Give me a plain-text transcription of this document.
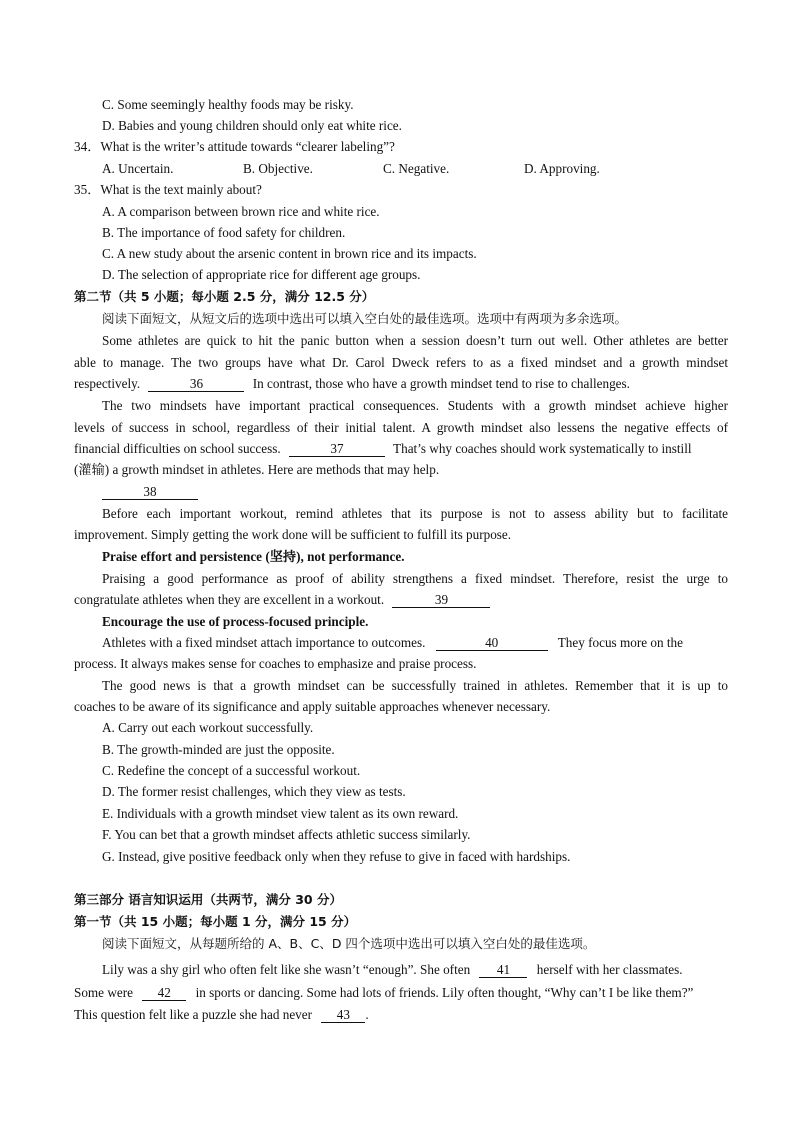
C. Some seemingly healthy foods may be risky.
D. Babies and young children should only eat white rice.
34．What is the writer’s attitude towards “clearer labeling”?
A. Uncertain.	B. Objective.	C. Negative.	D. Approving.
35．What is the text mainly about?
A. A comparison between brown rice and white rice.
B. The importance of food safety for children.
C. A new study about the arsenic content in brown rice and its impacts.
D. The selection of appropriate rice for different age groups.
第二节（共 5 小题；每小题 2.5 分，满分 12.5 分）
阅读下面短文，从短文后的选项中选出可以填入空白处的最佳选项。选项中有两项为多余选项。
Some athletes are quick to hit the panic button when a session doesn’t turn out well. Other athletes are better
able to manage. The two groups have what Dr. Carol Dweck refers to as a fixed mindset and a growth mindset
respectively.	36	In contrast, those who have a growth mindset tend to rise to challenges.
The two mindsets have important practical consequences. Students with a growth mindset achieve higher
levels of success in school, regardless of their initial talent. A growth mindset also lessens the negative effects of
financial difficulties on school success.	37	That’s why coaches should work systematically to instill
(灌输) a growth mindset in athletes. Here are methods that may help.
38
Before each important workout, remind athletes that its purpose is not to assess ability but to facilitate
improvement. Simply getting the work done will be sufficient to fulfill its purpose.
Praise effort and persistence (坚持), not performance.
Praising a good performance as proof of ability strengthens a fixed mindset. Therefore, resist the urge to
congratulate athletes when they are excellent in a workout.	39
Encourage the use of process-focused principle.
Athletes with a fixed mindset attach importance to outcomes.	40	They focus more on the
process. It always makes sense for coaches to emphasize and praise process.
The good news is that a growth mindset can be successfully trained in athletes. Remember that it is up to
coaches to be aware of its significance and apply suitable approaches whenever necessary.
A. Carry out each workout successfully.
B. The growth-minded are just the opposite.
C. Redefine the concept of a successful workout.
D. The former resist challenges, which they view as tests.
E. Individuals with a growth mindset view talent as its own reward.
F. You can bet that a growth mindset affects athletic success similarly.
G. Instead, give positive feedback only when they refuse to give in faced with hardships.
第三部分 语言知识运用（共两节，满分 30 分）
第一节（共 15 小题；每小题 1 分，满分 15 分）
阅读下面短文，从每题所给的 A、B、C、D 四个选项中选出可以填入空白处的最佳选项。
Lily was a shy girl who often felt like she wasn’t “enough”. She often 41 herself with her classmates.
Some were 42 in sports or dancing. Some had lots of friends. Lily often thought, “Why can’t I be like them?”
This question felt like a puzzle she had never 43 .
